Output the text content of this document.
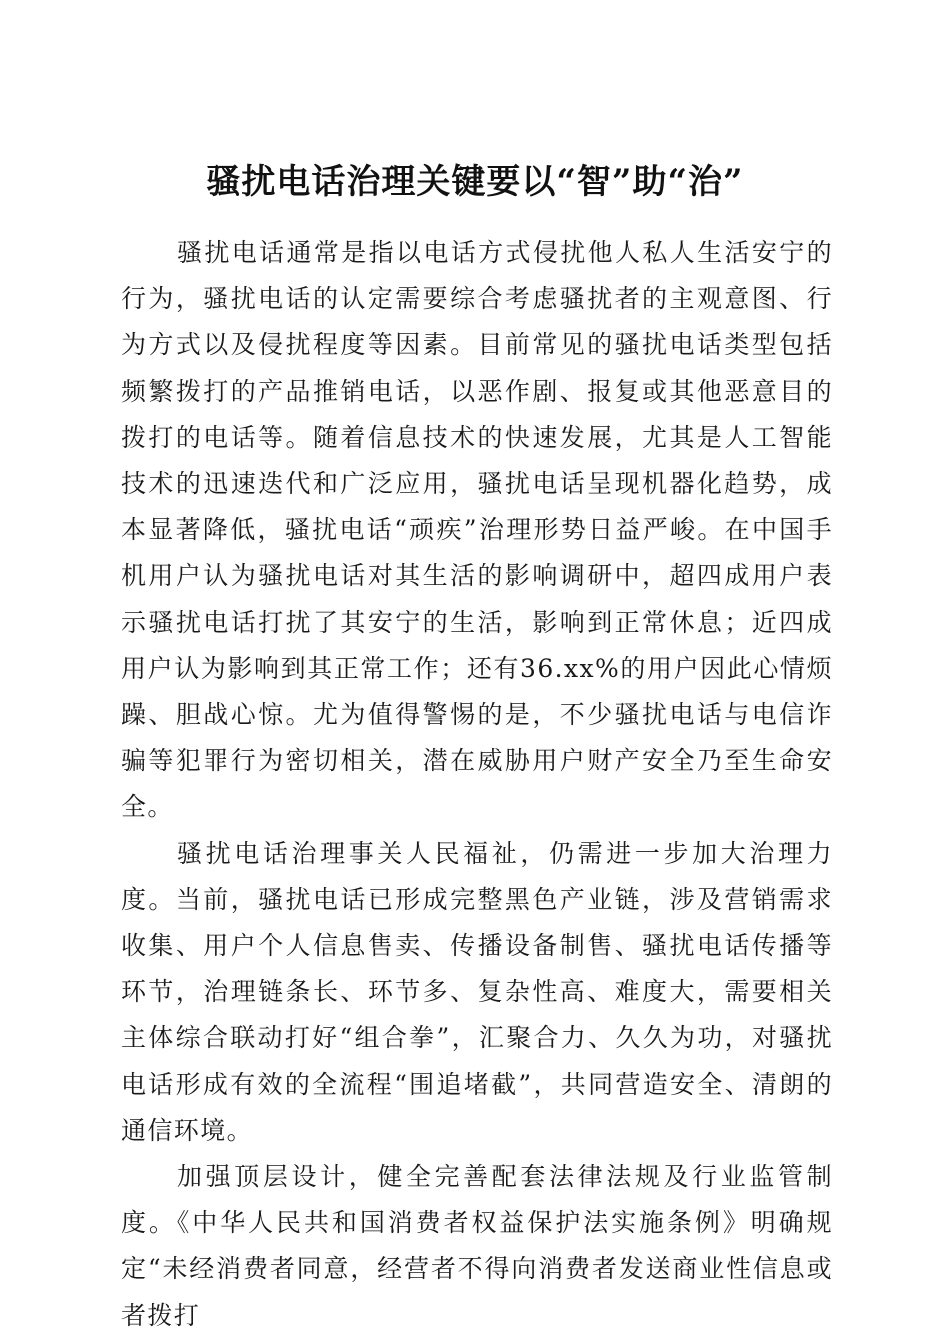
骚扰电话治理关键要以“智”助“治”

骚扰电话通常是指以电话方式侵扰他人私人生活安宁的行为，骚扰电话的认定需要综合考虑骚扰者的主观意图、行为方式以及侵扰程度等因素。目前常见的骚扰电话类型包括频繁拨打的产品推销电话，以恶作剧、报复或其他恶意目的拨打的电话等。随着信息技术的快速发展，尤其是人工智能技术的迅速迭代和广泛应用，骚扰电话呈现机器化趋势，成本显著降低，骚扰电话“顽疾”治理形势日益严峻。在中国手机用户认为骚扰电话对其生活的影响调研中，超四成用户表示骚扰电话打扰了其安宁的生活，影响到正常休息；近四成用户认为影响到其正常工作；还有36.xx%的用户因此心情烦躁、胆战心惊。尤为值得警惕的是，不少骚扰电话与电信诈骗等犯罪行为密切相关，潜在威胁用户财产安全乃至生命安全。

骚扰电话治理事关人民福祉，仍需进一步加大治理力度。当前，骚扰电话已形成完整黑色产业链，涉及营销需求收集、用户个人信息售卖、传播设备制售、骚扰电话传播等环节，治理链条长、环节多、复杂性高、难度大，需要相关主体综合联动打好“组合拳”，汇聚合力、久久为功，对骚扰电话形成有效的全流程“围追堵截”，共同营造安全、清朗的通信环境。

加强顶层设计，健全完善配套法律法规及行业监管制度。《中华人民共和国消费者权益保护法实施条例》明确规定“未经消费者同意，经营者不得向消费者发送商业性信息或者拨打
